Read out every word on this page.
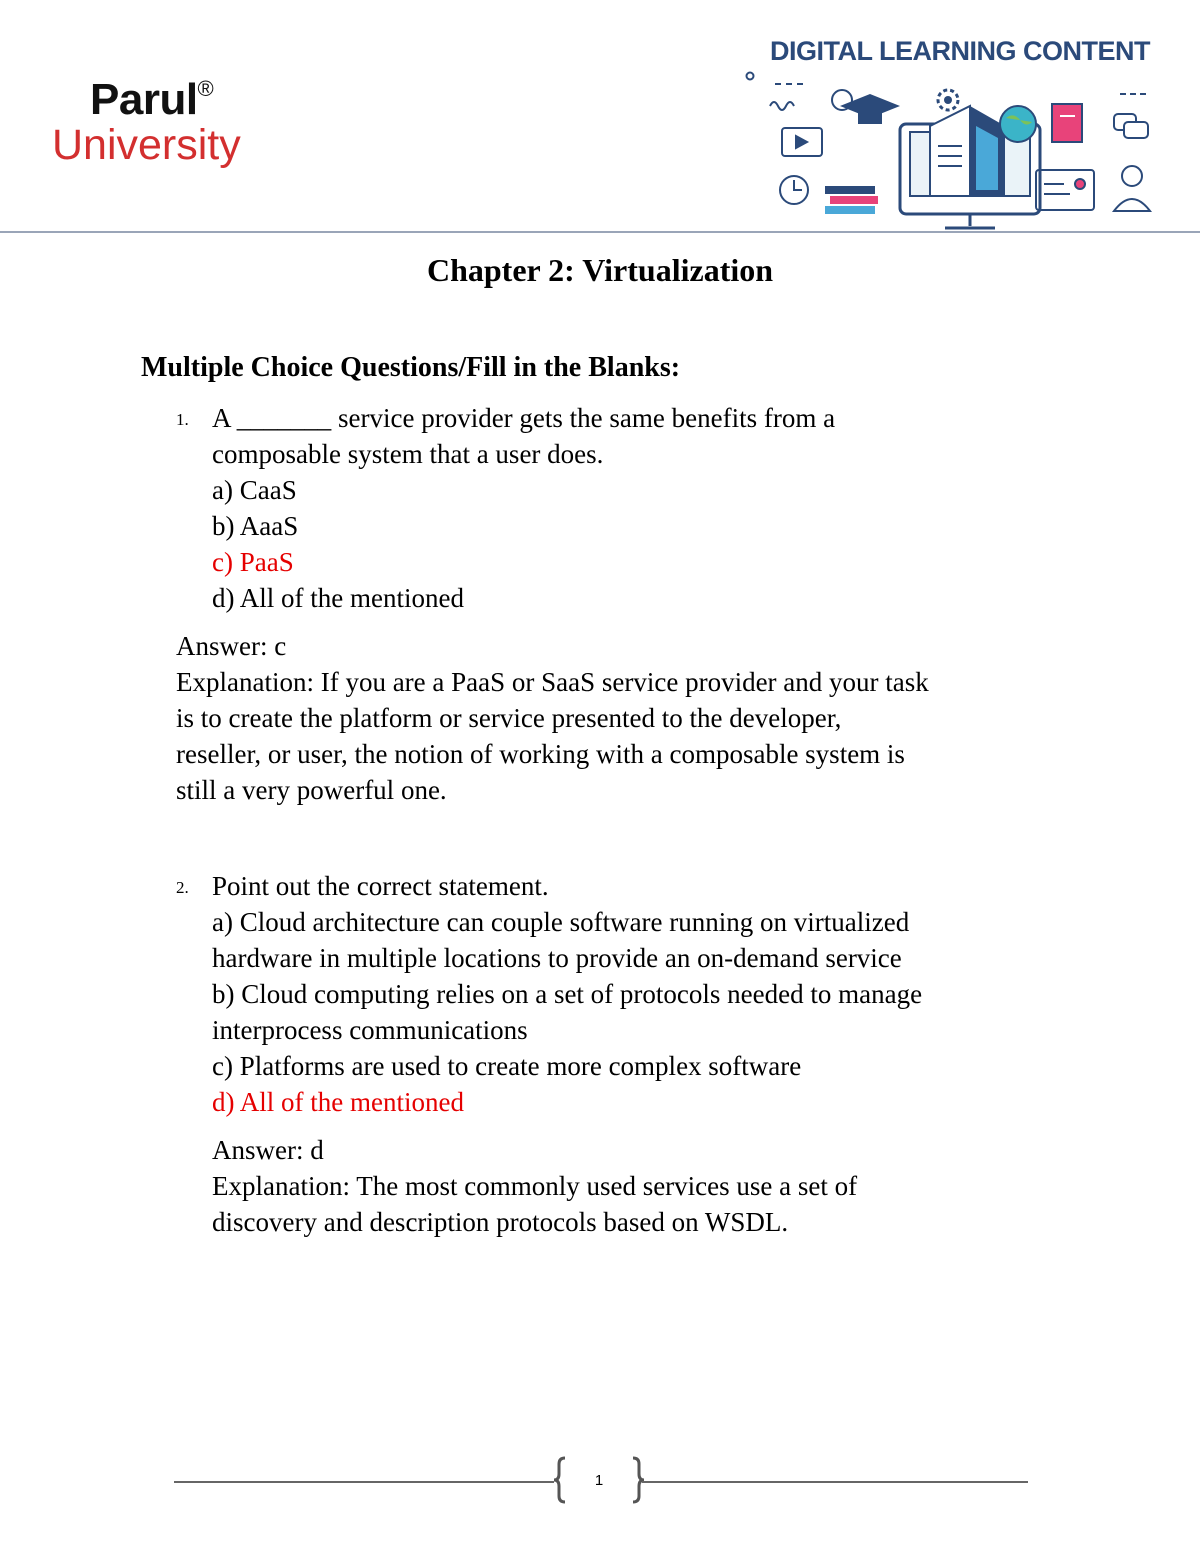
Parul®
University
DIGITAL LEARNING CONTENT
Chapter 2: Virtualization
Multiple Choice Questions/Fill in the Blanks:
1. A _______ service provider gets the same benefits from a
composable system that a user does.
a) CaaS
b) AaaS
c) PaaS
d) All of the mentioned
Answer: c
Explanation: If you are a PaaS or SaaS service provider and your task
is to create the platform or service presented to the developer,
reseller, or user, the notion of working with a composable system is
still a very powerful one.
2. Point out the correct statement.
a) Cloud architecture can couple software running on virtualized
hardware in multiple locations to provide an on-demand service
b) Cloud computing relies on a set of protocols needed to manage
interprocess communications
c) Platforms are used to create more complex software
d) All of the mentioned
Answer: d
Explanation: The most commonly used services use a set of
discovery and description protocols based on WSDL.
1
